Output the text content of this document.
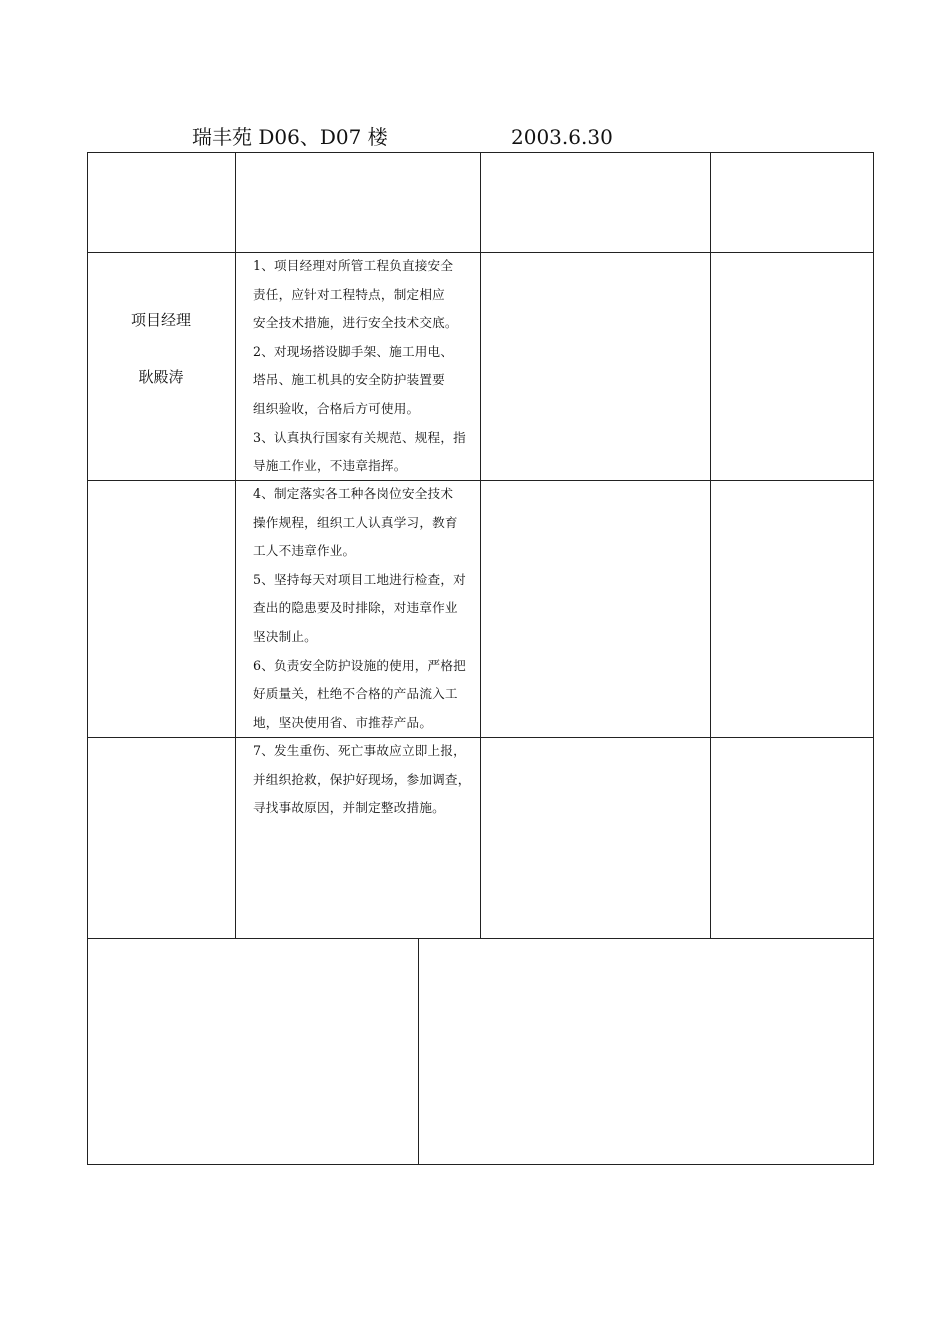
瑞丰苑 D06、D07 楼	2003.6.30
项目经理
耿殿涛
1、项目经理对所管工程负直接安全
责任，应针对工程特点，制定相应
安全技术措施，进行安全技术交底。
2、对现场搭设脚手架、施工用电、
塔吊、施工机具的安全防护装置要
组织验收，合格后方可使用。
3、认真执行国家有关规范、规程，指
导施工作业，不违章指挥。
4、制定落实各工种各岗位安全技术
操作规程，组织工人认真学习，教育
工人不违章作业。
5、坚持每天对项目工地进行检查，对
查出的隐患要及时排除，对违章作业
坚决制止。
6、负责安全防护设施的使用，严格把
好质量关，杜绝不合格的产品流入工
地，坚决使用省、市推荐产品。
7、发生重伤、死亡事故应立即上报，
并组织抢救，保护好现场，参加调查，
寻找事故原因，并制定整改措施。
